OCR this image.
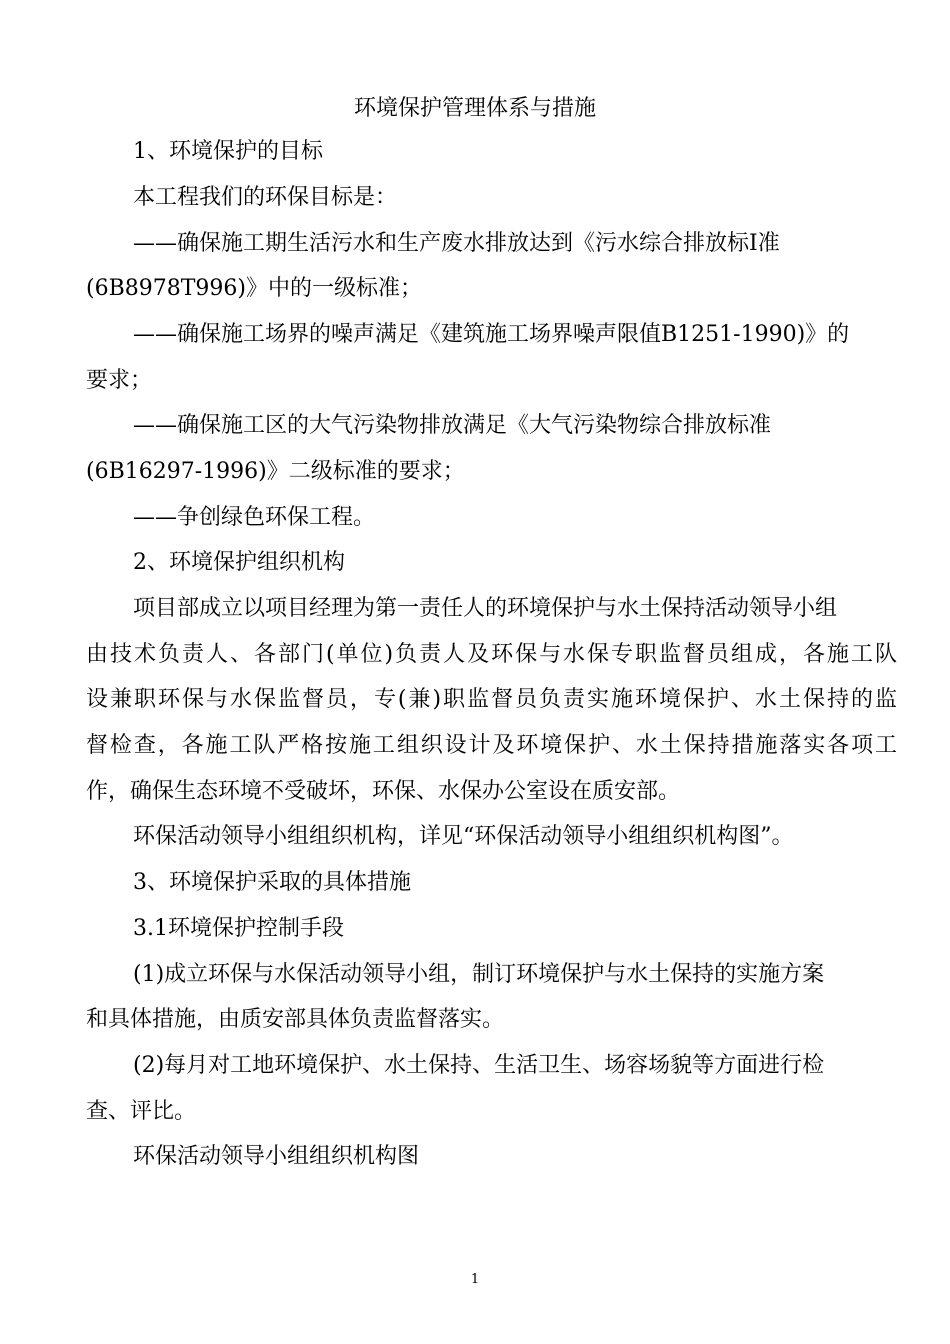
环境保护管理体系与措施
1、环境保护的目标
本工程我们的环保目标是：
——确保施工期生活污水和生产废水排放达到《污水综合排放标Ⅰ准
(6B8978T996)》中的一级标准；
——确保施工场界的噪声满足《建筑施工场界噪声限值B1251-1990)》的
要求；
——确保施工区的大气污染物排放满足《大气污染物综合排放标准
(6B16297-1996)》二级标准的要求；
——争创绿色环保工程。
2、环境保护组织机构
项目部成立以项目经理为第一责任人的环境保护与水土保持活动领导小组
由技术负责人、各部门(单位)负责人及环保与水保专职监督员组成，各施工队
设兼职环保与水保监督员，专(兼)职监督员负责实施环境保护、水土保持的监
督检查，各施工队严格按施工组织设计及环境保护、水土保持措施落实各项工
作，确保生态环境不受破坏，环保、水保办公室设在质安部。
环保活动领导小组组织机构，详见“环保活动领导小组组织机构图”。
3、环境保护采取的具体措施
3.1环境保护控制手段
(1)成立环保与水保活动领导小组，制订环境保护与水土保持的实施方案
和具体措施，由质安部具体负责监督落实。
(2)每月对工地环境保护、水土保持、生活卫生、场容场貌等方面进行检
查、评比。
环保活动领导小组组织机构图
1
